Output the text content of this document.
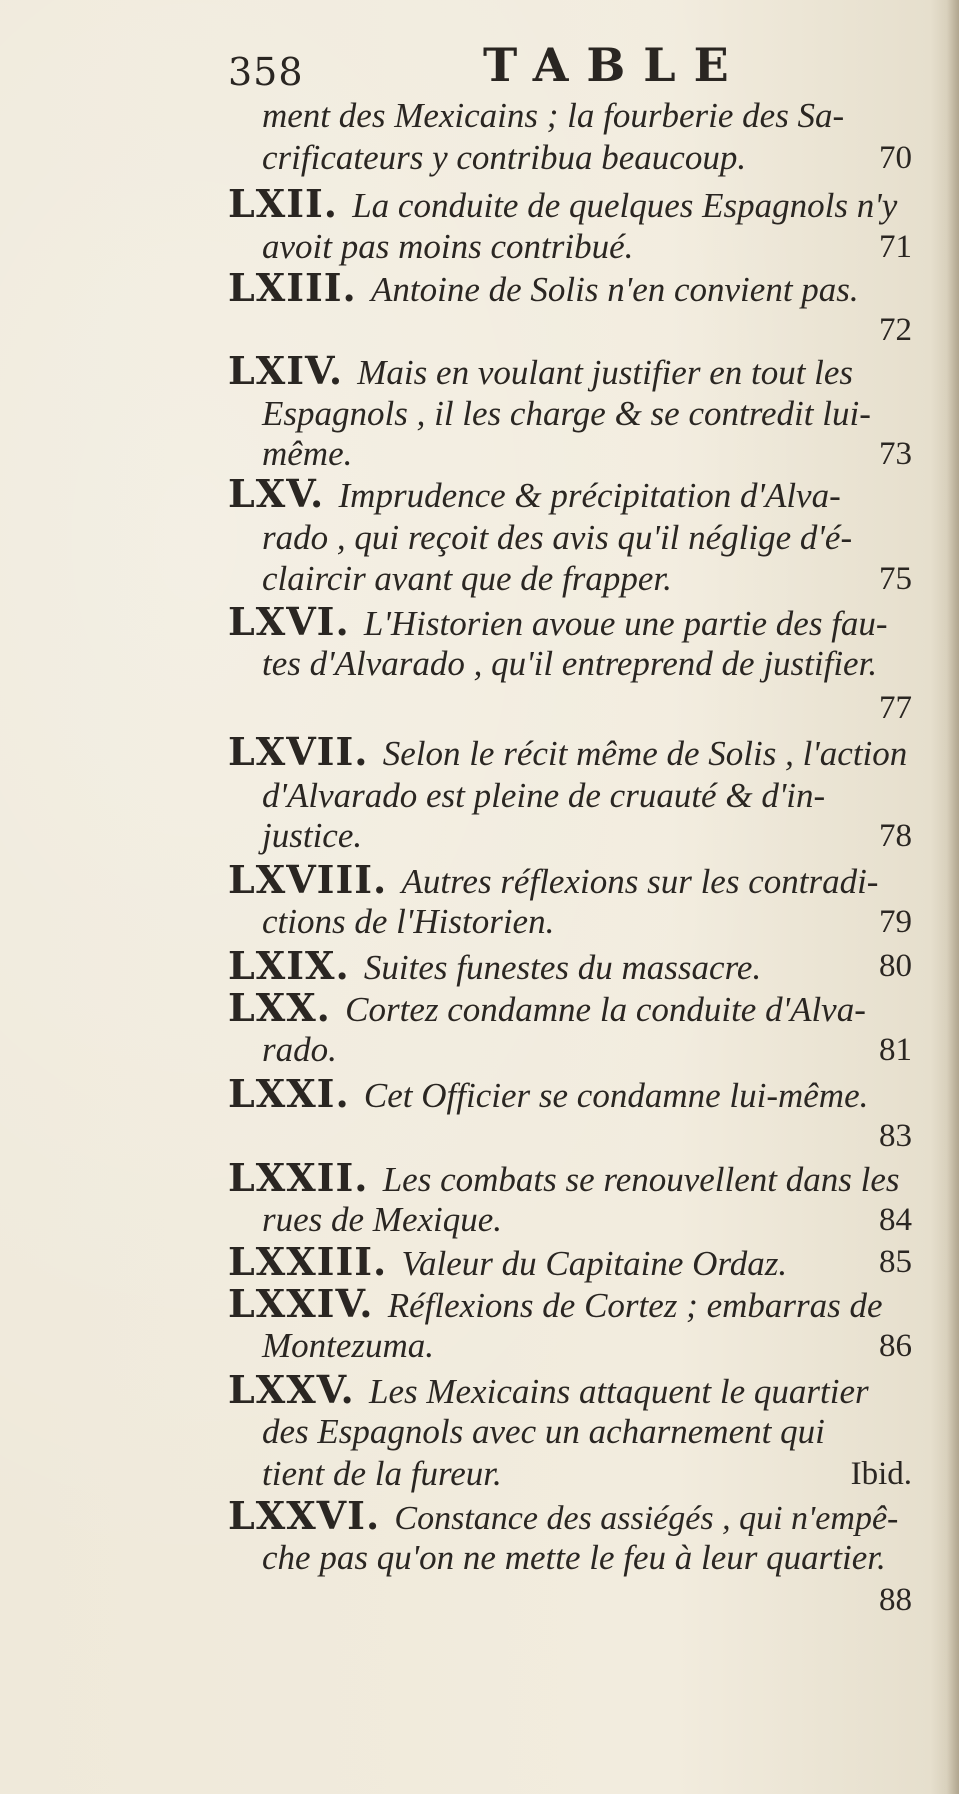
358	TABLE
ment des Mexicains ; la fourberie des Sa-
crificateurs y contribua beaucoup.
LXII. La conduite de quelques Espagnols n'y
avoit pas moins contribué.
LXIII. Antoine de Solis n'en convient pas.
LXIV. Mais en voulant justifier en tout les
Espagnols , il les charge & se contredit lui-
même.
LXV. Imprudence & précipitation d'Alva-
rado , qui reçoit des avis qu'il néglige d'é-
claircir avant que de frapper.
LXVI. L'Historien avoue une partie des fau-
tes d'Alvarado , qu'il entreprend de justifier.
LXVII. Selon le récit même de Solis , l'action
d'Alvarado est pleine de cruauté & d'in-
justice.
LXVIII. Autres réflexions sur les contradi-
ctions de l'Historien.
LXIX. Suites funestes du massacre.
LXX. Cortez condamne la conduite d'Alva-
rado.
LXXI. Cet Officier se condamne lui-même.
LXXII. Les combats se renouvellent dans les
rues de Mexique.
LXXIII. Valeur du Capitaine Ordaz.
LXXIV. Réflexions de Cortez ; embarras de
Montezuma.
LXXV. Les Mexicains attaquent le quartier
des Espagnols avec un acharnement qui
tient de la fureur.
LXXVI. Constance des assiégés , qui n'empê-
che pas qu'on ne mette le feu à leur quartier.
70
71
72
73
75
77
78
79
80
81
83
84
85
86
Ibid.
88
